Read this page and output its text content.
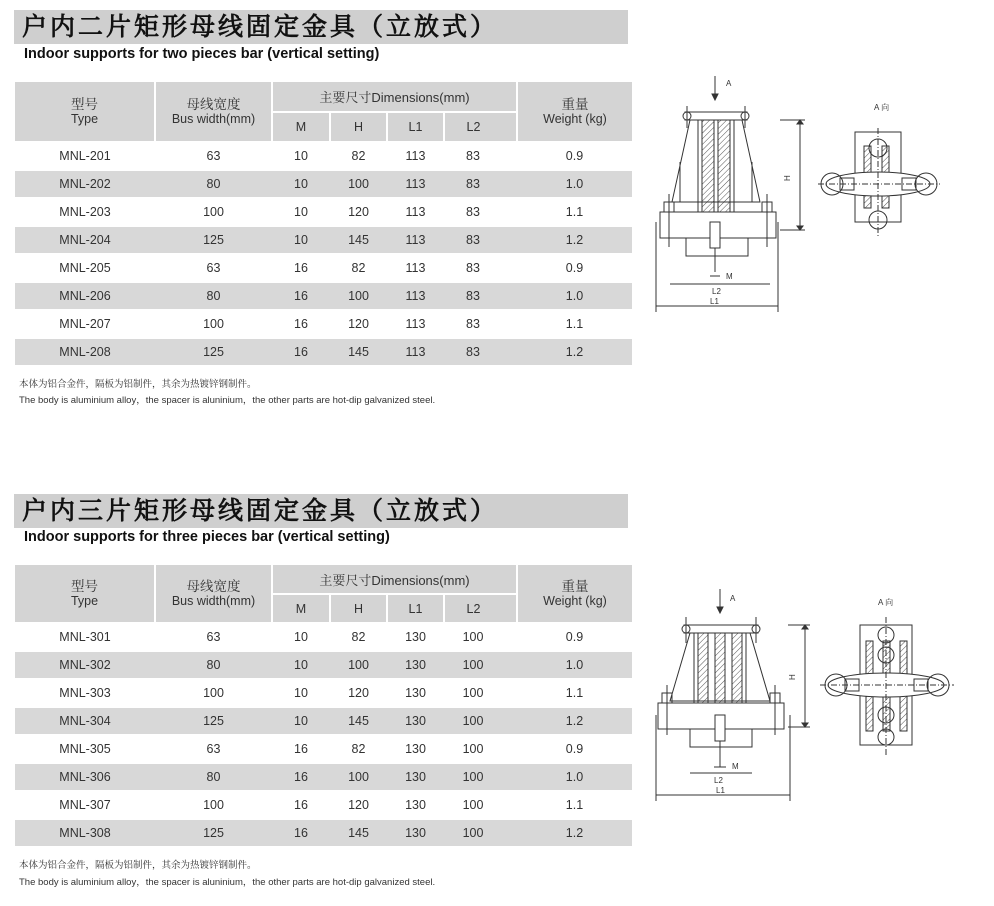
户内二片矩形母线固定金具（立放式）
Indoor supports for two pieces bar (vertical setting)
型号
Type	母线宽度
Bus width(mm)	主要尺寸Dimensions(mm)					重量
Weight (kg)

		M	H	L1	L2		
MNL-201	63	10	82	113	83		0.9
MNL-202	80	10	100	113	83		1.0
MNL-203	100	10	120	113	83		1.1
MNL-204	125	10	145	113	83		1.2
MNL-205	63	16	82	113	83		0.9
MNL-206	80	16	100	113	83		1.0
MNL-207	100	16	120	113	83		1.1
MNL-208	125	16	145	113	83		1.2
本体为铝合金件，隔板为铝制件，其余为热镀锌钢制件。
The body is aluminium alloy，the spacer is aluninium，the other parts are hot-dip galvanized steel.
A
H
M
L2
L1
A 向
户内三片矩形母线固定金具（立放式）
Indoor supports for three pieces bar (vertical setting)
型号
Type	母线宽度
Bus width(mm)	主要尺寸Dimensions(mm)					重量
Weight (kg)

		M	H	L1	L2		
MNL-301	63	10	82	130	100		0.9
MNL-302	80	10	100	130	100		1.0
MNL-303	100	10	120	130	100		1.1
MNL-304	125	10	145	130	100		1.2
MNL-305	63	16	82	130	100		0.9
MNL-306	80	16	100	130	100		1.0
MNL-307	100	16	120	130	100		1.1
MNL-308	125	16	145	130	100		1.2
本体为铝合金件，隔板为铝制件，其余为热镀锌钢制件。
The body is aluminium alloy，the spacer is aluninium，the other parts are hot-dip galvanized steel.
A
H
M
L2
L1
A 向
